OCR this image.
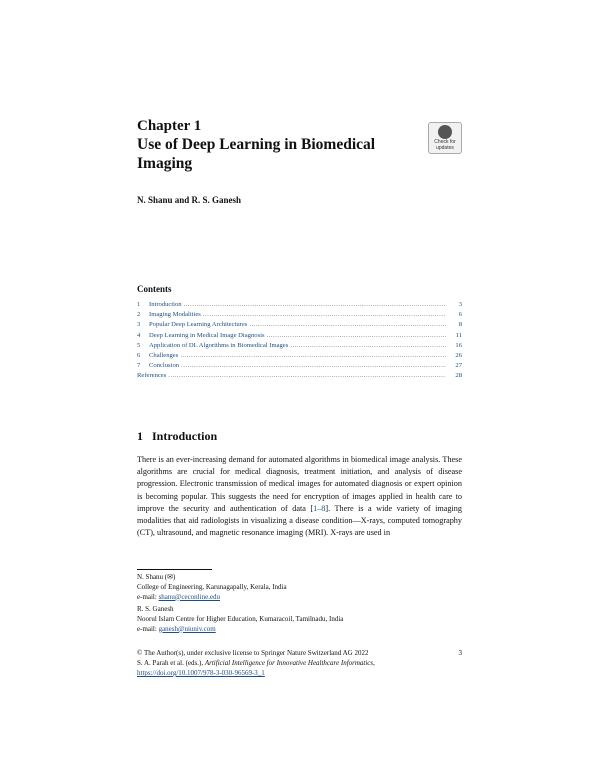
Chapter 1
Use of Deep Learning in Biomedical Imaging
Check for
updates
N. Shanu and R. S. Ganesh
Contents
1	Introduction .....	3
2	Imaging Modalities .....	6
3	Popular Deep Learning Architectures .....	8
4	Deep Learning in Medical Image Diagnosis .....	11
5	Application of DL Algorithms in Biomedical Images .....	16
6	Challenges .....	26
7	Conclusion .....	27
References .....	28
1 Introduction
There is an ever-increasing demand for automated algorithms in biomedical image analysis. These algorithms are crucial for medical diagnosis, treatment initiation, and analysis of disease progression. Electronic transmission of medical images for automated diagnosis or expert opinion is becoming popular. This suggests the need for encryption of images applied in health care to improve the security and authentication of data [1–8]. There is a wide variety of imaging modalities that aid radiologists in visualizing a disease condition—X-rays, computed tomography (CT), ultrasound, and magnetic resonance imaging (MRI). X-rays are used in
N. Shanu (✉)
College of Engineering, Karunagapally, Kerala, India
e-mail: shanu@ceconline.edu
R. S. Ganesh
Noorul Islam Centre for Higher Education, Kumaracoil, Tamilnadu, India
e-mail: ganesh@niuniv.com
3
© The Author(s), under exclusive license to Springer Nature Switzerland AG 2022
S. A. Parah et al. (eds.), Artificial Intelligence for Innovative Healthcare Informatics,
https://doi.org/10.1007/978-3-030-96569-3_1
